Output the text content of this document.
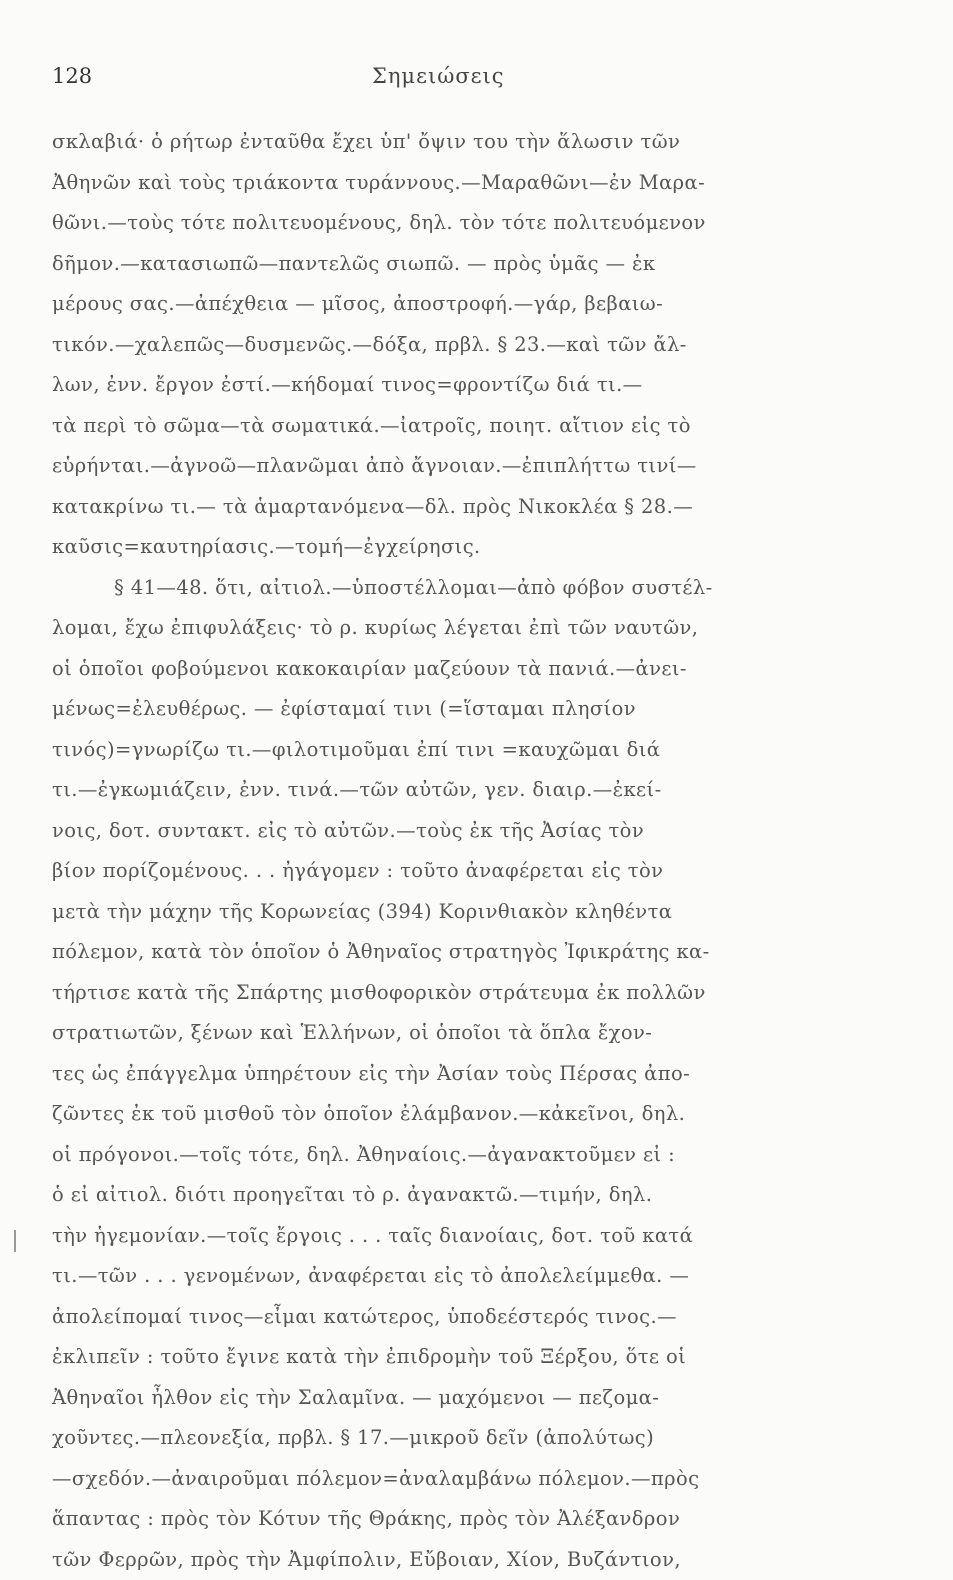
128	Σημειώσεις
σκλαβιά· ὁ ρήτωρ ἐνταῦθα ἔχει ὑπ' ὄψιν του τὴν ἅλωσιν τῶν
Ἀθηνῶν καὶ τοὺς τριάκοντα τυράννους.—Μαραθῶνι—ἐν Μαρα-
θῶνι.—τοὺς τότε πολιτευομένους, δηλ. τὸν τότε πολιτευόμενον
δῆμον.—κατασιωπῶ—παντελῶς σιωπῶ. — πρὸς ὑμᾶς — ἐκ
μέρους σας.—ἀπέχθεια — μῖσος, ἀποστροφή.—γάρ, βεβαιω-
τικόν.—χαλεπῶς—δυσμενῶς.—δόξα, πρβλ. § 23.—καὶ τῶν ἄλ-
λων, ἐνν. ἔργον ἐστί.—κήδομαί τινος=φροντίζω διά τι.—
τὰ περὶ τὸ σῶμα—τὰ σωματικά.—ἰατροῖς, ποιητ. αἴτιον εἰς τὸ
εὑρήνται.—ἀγνοῶ—πλανῶμαι ἀπὸ ἄγνοιαν.—ἐπιπλήττω τινί—
κατακρίνω τι.— τὰ ἁμαρτανόμενα—δλ. πρὸς Νικοκλέα § 28.—
καῦσις=καυτηρίασις.—τομή—ἐγχείρησις.
§ 41—48. ὅτι, αἰτιολ.—ὑποστέλλομαι—ἀπὸ φόβον συστέλ-
λομαι, ἔχω ἐπιφυλάξεις· τὸ ρ. κυρίως λέγεται ἐπὶ τῶν ναυτῶν,
οἱ ὁποῖοι φοβούμενοι κακοκαιρίαν μαζεύουν τὰ πανιά.—ἀνει-
μένως=ἐλευθέρως. — ἐφίσταμαί τινι (=ἵσταμαι πλησίον
τινός)=γνωρίζω τι.—φιλοτιμοῦμαι ἐπί τινι =καυχῶμαι διά
τι.—ἐγκωμιάζειν, ἐνν. τινά.—τῶν αὐτῶν, γεν. διαιρ.—ἐκεί-
νοις, δοτ. συντακτ. εἰς τὸ αὐτῶν.—τοὺς ἐκ τῆς Ἀσίας τὸν
βίον πορίζομένους. . . ἠγάγομεν : τοῦτο ἀναφέρεται εἰς τὸν
μετὰ τὴν μάχην τῆς Κορωνείας (394) Κορινθιακὸν κληθέντα
πόλεμον, κατὰ τὸν ὁποῖον ὁ Ἀθηναῖος στρατηγὸς Ἰφικράτης κα-
τήρτισε κατὰ τῆς Σπάρτης μισθοφορικὸν στράτευμα ἐκ πολλῶν
στρατιωτῶν, ξένων καὶ Ἑλλήνων, οἱ ὁποῖοι τὰ ὅπλα ἔχον-
τες ὡς ἐπάγγελμα ὑπηρέτουν εἰς τὴν Ἀσίαν τοὺς Πέρσας ἀπο-
ζῶντες ἐκ τοῦ μισθοῦ τὸν ὁποῖον ἐλάμβανον.—κἀκεῖνοι, δηλ.
οἱ πρόγονοι.—τοῖς τότε, δηλ. Ἀθηναίοις.—ἀγανακτοῦμεν εἰ :
ὁ εἰ αἰτιολ. διότι προηγεῖται τὸ ρ. ἀγανακτῶ.—τιμήν, δηλ.
τὴν ἡγεμονίαν.—τοῖς ἔργοις . . . ταῖς διανοίαις, δοτ. τοῦ κατά
τι.—τῶν . . . γενομένων, ἀναφέρεται εἰς τὸ ἀπολελείμμεθα. —
ἀπολείπομαί τινος—εἶμαι κατώτερος, ὑποδεέστερός τινος.—
ἐκλιπεῖν : τοῦτο ἔγινε κατὰ τὴν ἐπιδρομὴν τοῦ Ξέρξου, ὅτε οἱ
Ἀθηναῖοι ἦλθον εἰς τὴν Σαλαμῖνα. — μαχόμενοι — πεζομα-
χοῦντες.—πλεονεξία, πρβλ. § 17.—μικροῦ δεῖν (ἀπολύτως)
—σχεδόν.—ἀναιροῦμαι πόλεμον=ἀναλαμβάνω πόλεμον.—πρὸς
ἅπαντας : πρὸς τὸν Κότυν τῆς Θράκης, πρὸς τὸν Ἀλέξανδρον
τῶν Φερρῶν, πρὸς τὴν Ἀμφίπολιν, Εὔβοιαν, Χίον, Βυζάντιον,
